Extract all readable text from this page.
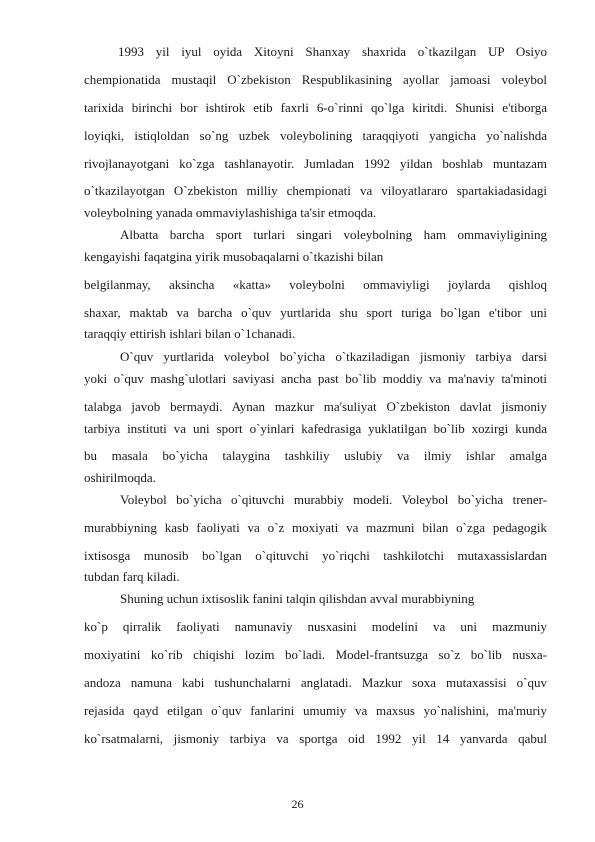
1993 yil iyul oyida Xitoyni Shanxay shaxrida o`tkazilgan UP Osiyo
chempionatida mustaqil O`zbekiston Respublikasining ayollar jamoasi voleybol
tarixida birinchi bor ishtirok etib faxrli 6-o`rinni qo`lga kiritdi. Shunisi e'tiborga
loyiqki, istiqloldan so`ng uzbek voleybolining taraqqiyoti yangicha yo`nalishda
rivojlanayotgani ko`zga tashlanayotir. Jumladan 1992 yildan boshlab muntazam
o`tkazilayotgan O`zbekiston milliy chempionati va viloyatlararo spartakiadasidagi
voleybolning yanada ommaviylashishiga ta'sir etmoqda.
Albatta barcha sport turlari singari voleybolning ham ommaviyligining
kengayishi faqatgina yirik musobaqalarni o`tkazishi bilan
belgilanmay, aksincha «katta» voleybolni ommaviyligi joylarda qishloq
shaxar, maktab va barcha o`quv yurtlarida shu sport turiga bo`lgan e'tibor uni
taraqqiy ettirish ishlari bilan o`1chanadi.
O`quv yurtlarida voleybol bo`yicha o`tkaziladigan jismoniy tarbiya darsi
yoki o`quv mashg`ulotlari saviyasi ancha past bo`lib moddiy va ma'naviy ta'minoti
talabga javob bermaydi. Aynan mazkur ma'suliyat O`zbekiston davlat jismoniy
tarbiya instituti va uni sport o`yinlari kafedrasiga yuklatilgan bo`lib xozirgi kunda
bu masala bo`yicha talaygina tashkiliy uslubiy va ilmiy ishlar amalga
oshirilmoqda.
Voleybol bo`yicha o`qituvchi murabbiy modeli. Voleybol bo`yicha trener-
murabbiyning kasb faoliyati va o`z moxiyati va mazmuni bilan o`zga pedagogik
ixtisosga munosib bo`lgan o`qituvchi yo`riqchi tashkilotchi mutaxassislardan
tubdan farq kiladi.
Shuning uchun ixtisoslik fanini talqin qilishdan avval murabbiyning
ko`p qirralik faoliyati namunaviy nusxasini modelini va uni mazmuniy
moxiyatini ko`rib chiqishi lozim bo`ladi. Model-frantsuzga so`z bo`lib nusxa-
andoza namuna kabi tushunchalarni anglatadi. Mazkur soxa mutaxassisi o`quv
rejasida qayd etilgan o`quv fanlarini umumiy va maxsus yo`nalishini, ma'muriy
ko`rsatmalarni, jismoniy tarbiya va sportga oid 1992 yil 14 yanvarda qabul
26
